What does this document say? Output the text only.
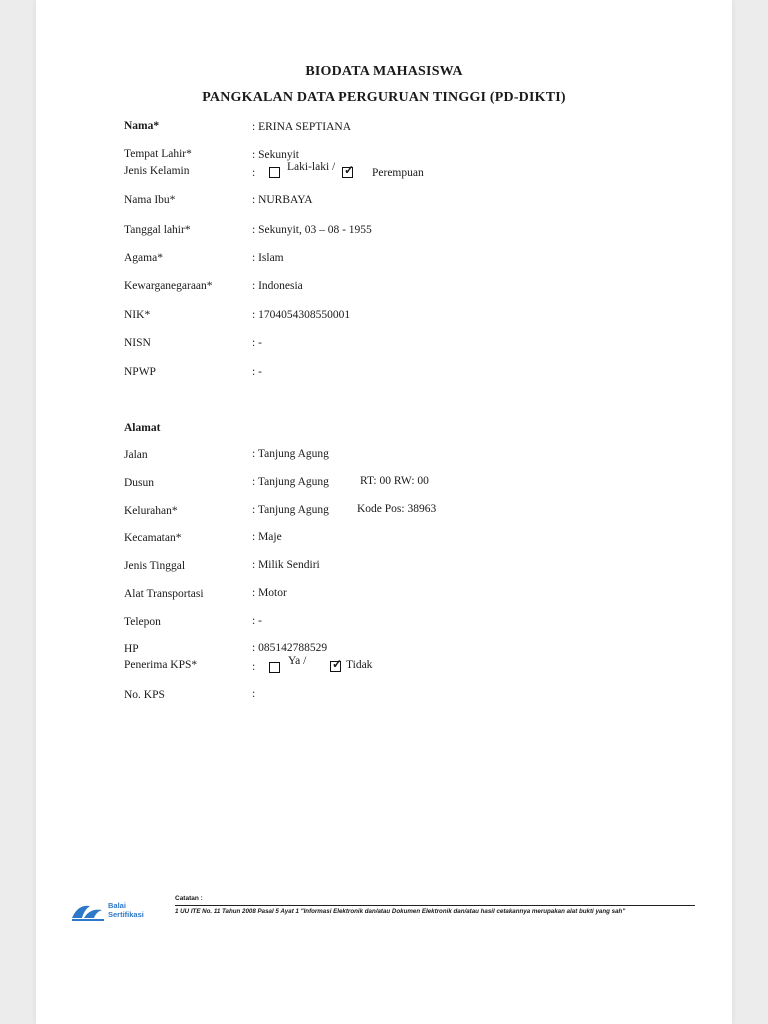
BIODATA MAHASISWA
PANGKALAN DATA PERGURUAN TINGGI (PD-DIKTI)
Nama*	: ERINA SEPTIANA
Tempat Lahir*	: Sekunyit
Jenis Kelamin	:	Laki-laki / ✓ Perempuan
Nama Ibu*	: NURBAYA
Tanggal lahir*	: Sekunyit, 03 – 08 - 1955
Agama*	: Islam
Kewarganegaraan*	: Indonesia
NIK*	: 1704054308550001
NISN	: -
NPWP	: -
Alamat
Jalan	: Tanjung Agung
Dusun	: Tanjung Agung	RT: 00 RW: 00
Kelurahan*	: Tanjung Agung Kode Pos: 38963
Kecamatan*	: Maje
Jenis Tinggal	: Milik Sendiri
Alat Transportasi	: Motor
Telepon	: -
HP	: 085142788529
Penerima KPS*	:	Ya / ✓ Tidak
No. KPS	:
Balai
Sertifikasi
Catatan :
1 UU ITE No. 11 Tahun 2008 Pasal 5 Ayat 1 "Informasi Elektronik dan/atau Dokumen Elektronik dan/atau hasil cetakannya merupakan alat bukti yang sah"
